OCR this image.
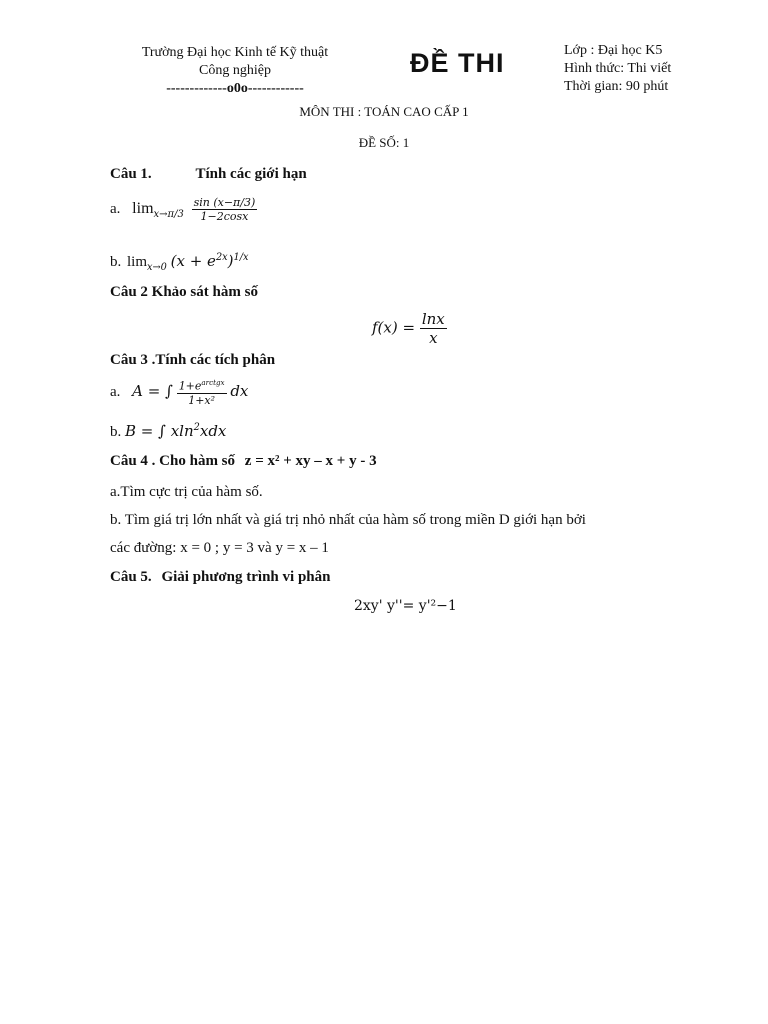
Trường Đại học Kinh tế Kỹ thuật
Công nghiệp
-------------o0o------------
ĐỀ THI	Lớp : Đại học K5
Hình thức: Thi viết
Thời gian: 90 phút
MÔN THI : TOÁN CAO CẤP 1
ĐỀ SỐ: 1
Câu 1.	Tính các giới hạn
a. $\lim_{x\to\pi/3} \frac{\sin (x-\pi/3)}{1-2\cos x}$
b. $\lim_{x\to 0} (x + e^{2x})^{1/x}$
Câu 2 Khảo sát hàm số
$f(x) = \frac{\ln x}{x}$
Câu 3 .Tính các tích phân
a. A = ∫ $\frac{1+e^{arctgx}}{\text{1+x²}}$ dx
b. B = ∫ xln$^2$xdx
Câu 4 . Cho hàm số z = x² + xy – x + y - 3
a.Tìm cực trị của hàm số.
b. Tìm giá trị lớn nhất và giá trị nhỏ nhất của hàm số trong miền D giới hạn bởi
các đường: x = 0 ; y = 3 và y = x – 1
Câu 5. Giải phương trình vi phân
2xy' y''= y'²−1
